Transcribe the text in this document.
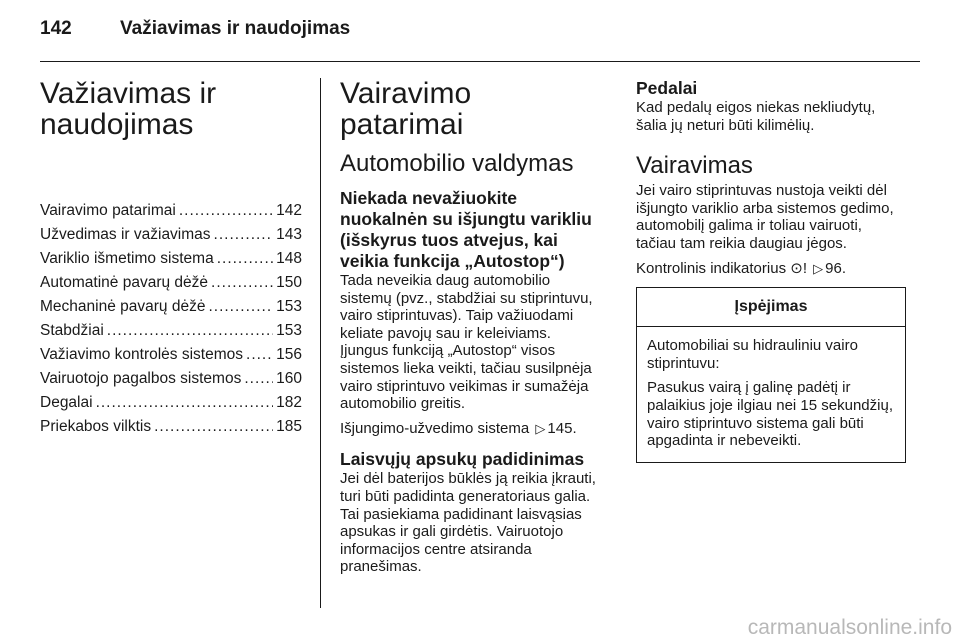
142	Važiavimas ir naudojimas
Važiavimas ir
naudojimas
Vairavimo patarimai .....	142
Užvedimas ir važiavimas .....	143
Variklio išmetimo sistema .....	148
Automatinė pavarų dėžė .....	150
Mechaninė pavarų dėžė .....	153
Stabdžiai .....	153
Važiavimo kontrolės sistemos ..... 156
Vairuotojo pagalbos sistemos ..... 160
Degalai .....	182
Priekabos vilktis .....	185
Vairavimo patarimai
Automobilio valdymas
Niekada nevažiuokite nuokalnėn su išjungtu varikliu (išskyrus tuos atvejus, kai veikia funkcija „Autostop“)

Tada neveikia daug automobilio sistemų (pvz., stabdžiai su stiprintuvu, vairo stiprintuvas). Taip važiuodami keliate pavojų sau ir keleiviams. Įjungus funkciją „Autostop“ visos sistemos lieka veikti, tačiau susilpnėja vairo stiprintuvo veikimas ir sumažėja automobilio greitis.

Išjungimo-užvedimo sistema ▷ 145.

Laisvųjų apsukų padidinimas

Jei dėl baterijos būklės ją reikia įkrauti, turi būti padidinta generatoriaus galia. Tai pasiekiama padidinant laisvąsias apsukas ir gali girdėtis. Vairuotojo informacijos centre atsiranda pranešimas.

Pedalai

Kad pedalų eigos niekas nekliudytų, šalia jų neturi būti kilimėlių.

Vairavimas

Jei vairo stiprintuvas nustoja veikti dėl išjungto variklio arba sistemos gedimo, automobilį galima ir toliau vairuoti, tačiau tam reikia daugiau jėgos.

Kontrolinis indikatorius ⊙! ▷ 96.

Įspėjimas

Automobiliai su hidrauliniu vairo stiprintuvu:

Pasukus vairą į galinę padėtį ir palaikius joje ilgiau nei 15 sekundžių, vairo stiprintuvo sistema gali būti apgadinta ir nebeveikti.

carmanualsonline.info
